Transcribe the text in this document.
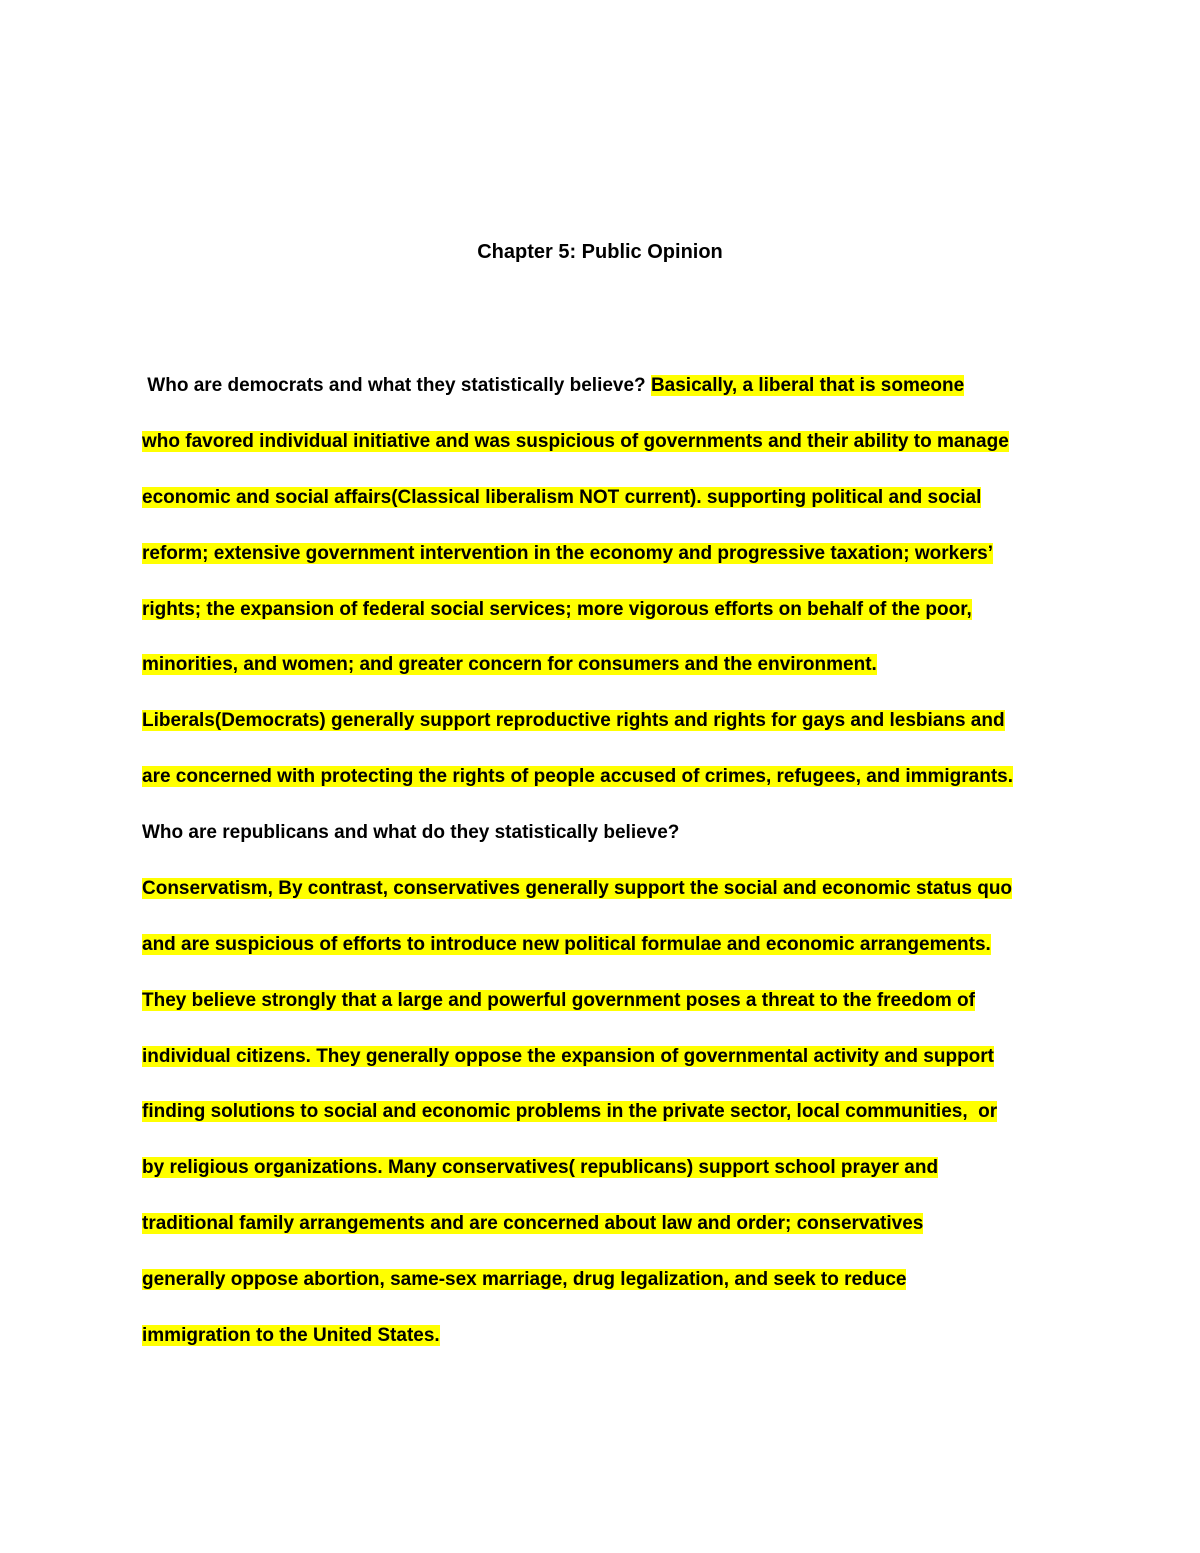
Chapter 5: Public Opinion
Who are democrats and what they statistically believe? Basically, a liberal that is someone
who favored individual initiative and was suspicious of governments and their ability to manage
economic and social affairs(Classical liberalism NOT current). supporting political and social
reform; extensive government intervention in the economy and progressive taxation; workers’
rights; the expansion of federal social services; more vigorous efforts on behalf of the poor,
minorities, and women; and greater concern for consumers and the environment.
Liberals(Democrats) generally support reproductive rights and rights for gays and lesbians and
are concerned with protecting the rights of people accused of crimes, refugees, and immigrants.
Who are republicans and what do they statistically believe?
Conservatism, By contrast, conservatives generally support the social and economic status quo
and are suspicious of efforts to introduce new political formulae and economic arrangements.
They believe strongly that a large and powerful government poses a threat to the freedom of
individual citizens. They generally oppose the expansion of governmental activity and support
finding solutions to social and economic problems in the private sector, local communities,  or
by religious organizations. Many conservatives( republicans) support school prayer and
traditional family arrangements and are concerned about law and order; conservatives
generally oppose abortion, same-sex marriage, drug legalization, and seek to reduce
immigration to the United States.
